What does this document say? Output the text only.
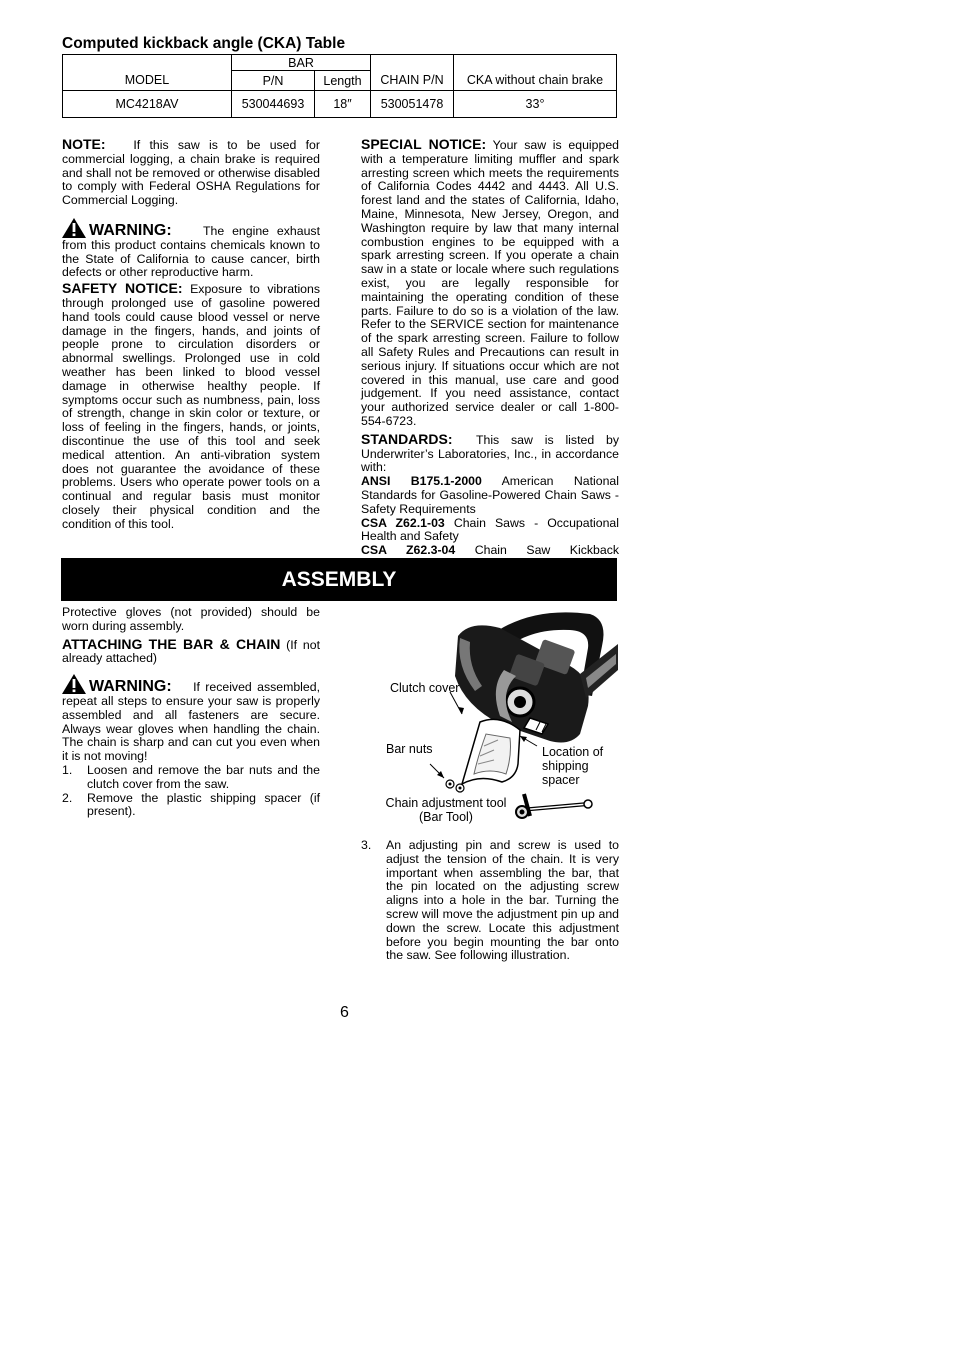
Computed kickback angle (CKA) Table
MODEL	BAR		CHAIN P/N	CKA without chain brake
	P/N	Length		
MC4218AV	530044693	18″	530051478	33°

NOTE: If this saw is to be used for commercial logging, a chain brake is required and shall not be removed or otherwise disabled to comply with Federal OSHA Regulations for Commercial Logging.

WARNING:	The engine exhaust from this product contains chemicals known to the State of California to cause cancer, birth defects or other reproductive harm.

SAFETY NOTICE: Exposure to vibrations through prolonged use of gasoline powered hand tools could cause blood vessel or nerve damage in the fingers, hands, and joints of people prone to circulation disorders or abnormal swellings. Prolonged use in cold weather has been linked to blood vessel damage in otherwise healthy people. If symptoms occur such as numbness, pain, loss of strength, change in skin color or texture, or loss of feeling in the fingers, hands, or joints, discontinue the use of this tool and seek medical attention. An anti-vibration system does not guarantee the avoidance of these problems. Users who operate power tools on a continual and regular basis must monitor closely their physical condition and the condition of this tool.

SPECIAL NOTICE: Your saw is equipped with a temperature limiting muffler and spark arresting screen which meets the requirements of California Codes 4442 and 4443. All U.S. forest land and the states of California, Idaho, Maine, Minnesota, New Jersey, Oregon, and Washington require by law that many internal combustion engines to be equipped with a spark arresting screen. If you operate a chain saw in a state or locale where such regulations exist, you are legally responsible for maintaining the operating condition of these parts. Failure to do so is a violation of the law. Refer to the SERVICE section for maintenance of the spark arresting screen. Failure to follow all Safety Rules and Precautions can result in serious injury. If situations occur which are not covered in this manual, use care and good judgement. If you need assistance, contact your authorized service dealer or call 1-800-554-6723.

STANDARDS: This saw is listed by Underwriter’s Laboratories, Inc., in accordance with:

ANSI B175.1-2000 American National Standards for Gasoline-Powered Chain Saws - Safety Requirements

CSA Z62.1-03 Chain Saws - Occupational Health and Safety

CSA Z62.3-04 Chain Saw Kickback

ASSEMBLY

Protective gloves (not provided) should be worn during assembly.

ATTACHING THE BAR & CHAIN (If not already attached)

WARNING: If received assembled, repeat all steps to ensure your saw is properly assembled and all fasteners are secure. Always wear gloves when handling the chain. The chain is sharp and can cut you even when it is not moving!

1.	Loosen and remove the bar nuts and the clutch cover from the saw.
2.	Remove the plastic shipping spacer (if present).
Clutch cover
Bar nuts	Location of
shipping
spacer
Chain adjustment tool
(Bar Tool)
3.	An adjusting pin and screw is used to adjust the tension of the chain. It is very important when assembling the bar, that the pin located on the adjusting screw aligns into a hole in the bar. Turning the screw will move the adjustment pin up and down the screw. Locate this adjustment before you begin mounting the bar onto the saw. See following illustration.
6
